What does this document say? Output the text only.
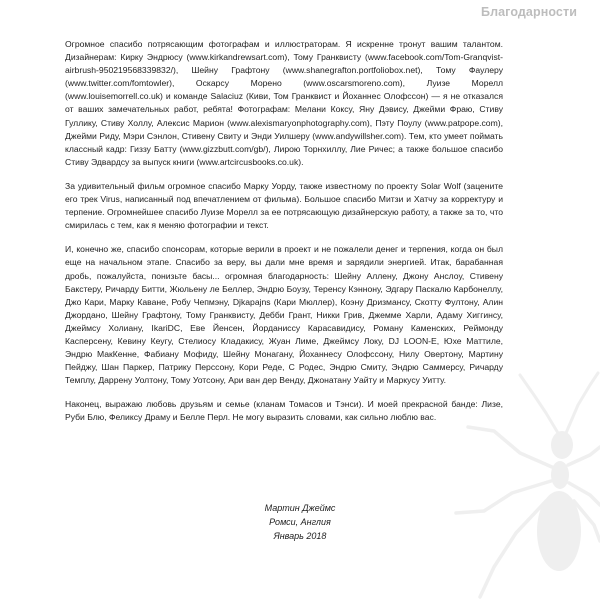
Благодарности

Огромное спасибо потрясающим фотографам и иллюстраторам. Я искренне тронут вашим талантом. Дизайнерам: Кирку Эндрюсу (www.kirkandrewsart.com), Тому Гранквисту (www.facebook.com/Tom-Granqvist-airbrush-950219568339832/), Шейну Графтону (www.shanegrafton.portfoliobox.net), Тому Фаулеру (www.twitter.com/fomtowler), Оскарсу Морено (www.oscarsmoreno.com), Луизе Морелл (www.louisemorrell.co.uk) и команде Salaciuz (Киви, Том Гранквист и Йоханнес Олофссон) — я не отказался от ваших замечательных работ, ребята! Фотографам: Мелани Коксу, Яну Дэвису, Джейми Фраю, Стиву Гуллику, Стиву Холлу, Алексис Марион (www.alexismaryonphotography.com), Пэту Поулу (www.patpope.com), Джейми Риду, Мэри Сэнлон, Стивену Свиту и Энди Уилшеру (www.andywillsher.com). Тем, кто умеет поймать классный кадр: Гиззу Батту (www.gizzbutt.com/gb/), Лирою Торнхиллу, Лие Ричес; а также большое спасибо Стиву Эдвардсу за выпуск книги (www.artcircusbooks.co.uk).

За удивительный фильм огромное спасибо Марку Уорду, также известному по проекту Solar Wolf (зацените его трек Virus, написанный под впечатлением от фильма). Большое спасибо Митзи и Хатчу за корректуру и терпение. Огромнейшее спасибо Луизе Морелл за ее потрясающую дизайнерскую работу, а также за то, что смирилась с тем, как я меняю фотографии и текст.

И, конечно же, спасибо спонсорам, которые верили в проект и не пожалели денег и терпения, когда он был еще на начальном этапе. Спасибо за веру, вы дали мне время и зарядили энергией. Итак, барабанная дробь, пожалуйста, понизьте басы... огромная благодарность: Шейну Аллену, Джону Анслоу, Стивену Бакстеру, Ричарду Битти, Жюльену ле Беллер, Эндрю Боузу, Теренсу Кэннону, Эдгару Паскалю Карбонеллу, Джо Кари, Марку Каване, Робу Чепмэну, Djkapajns (Кари Мюллер), Коэну Дризмансу, Скотту Фултону, Алин Джордано, Шейну Графтону, Тому Гранквисту, Дебби Грант, Никки Грив, Джемме Харли, Адаму Хиггинсу, Джеймсу Холиану, IkariDC, Еве Йенсен, Йорданиссу Карасавидису, Роману Каменских, Реймонду Касперсену, Кевину Кеугу, Стелиосу Кладакису, Жуан Лиме, Джеймсу Локу, DJ LOON-E, Юхе Маттиле, Эндрю МакКенне, Фабиану Мофиду, Шейну Монагану, Йоханнесу Олофссону, Нилу Овертону, Мартину Пейджу, Шан Паркер, Патрику Перссону, Кори Реде, С Родес, Эндрю Смиту, Эндрю Саммерсу, Ричарду Темплу, Даррену Уолтону, Тому Уотсону, Ари ван дер Венду, Джонатану Уайту и Маркусу Уитту.

Наконец, выражаю любовь друзьям и семье (кланам Томасов и Тэнси). И моей прекрасной банде: Лизе, Руби Блю, Феликсу Драму и Белле Перл. Не могу выразить словами, как сильно люблю вас.

Мартин Джеймс
Ромси, Англия
Январь 2018
